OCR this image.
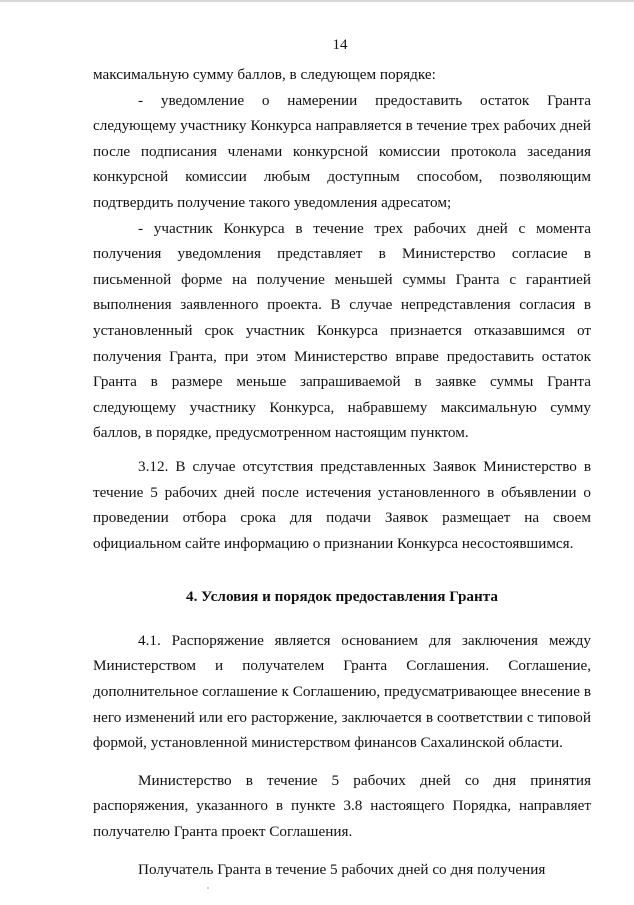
14

максимальную сумму баллов, в следующем порядке:

- уведомление о намерении предоставить остаток Гранта следующему участнику Конкурса направляется в течение трех рабочих дней после подписания членами конкурсной комиссии протокола заседания конкурсной комиссии любым доступным способом, позволяющим подтвердить получение такого уведомления адресатом;

- участник Конкурса в течение трех рабочих дней с момента получения уведомления представляет в Министерство согласие в письменной форме на получение меньшей суммы Гранта с гарантией выполнения заявленного проекта. В случае непредставления согласия в установленный срок участник Конкурса признается отказавшимся от получения Гранта, при этом Министерство вправе предоставить остаток Гранта в размере меньше запрашиваемой в заявке суммы Гранта следующему участнику Конкурса, набравшему максимальную сумму баллов, в порядке, предусмотренном настоящим пунктом.

3.12. В случае отсутствия представленных Заявок Министерство в течение 5 рабочих дней после истечения установленного в объявлении о проведении отбора срока для подачи Заявок размещает на своем официальном сайте информацию о признании Конкурса несостоявшимся.

4. Условия и порядок предоставления Гранта

4.1. Распоряжение является основанием для заключения между Министерством и получателем Гранта Соглашения. Соглашение, дополнительное соглашение к Соглашению, предусматривающее внесение в него изменений или его расторжение, заключается в соответствии с типовой формой, установленной министерством финансов Сахалинской области.

Министерство в течение 5 рабочих дней со дня принятия распоряжения, указанного в пункте 3.8 настоящего Порядка, направляет получателю Гранта проект Соглашения.

Получатель Гранта в течение 5 рабочих дней со дня получения
